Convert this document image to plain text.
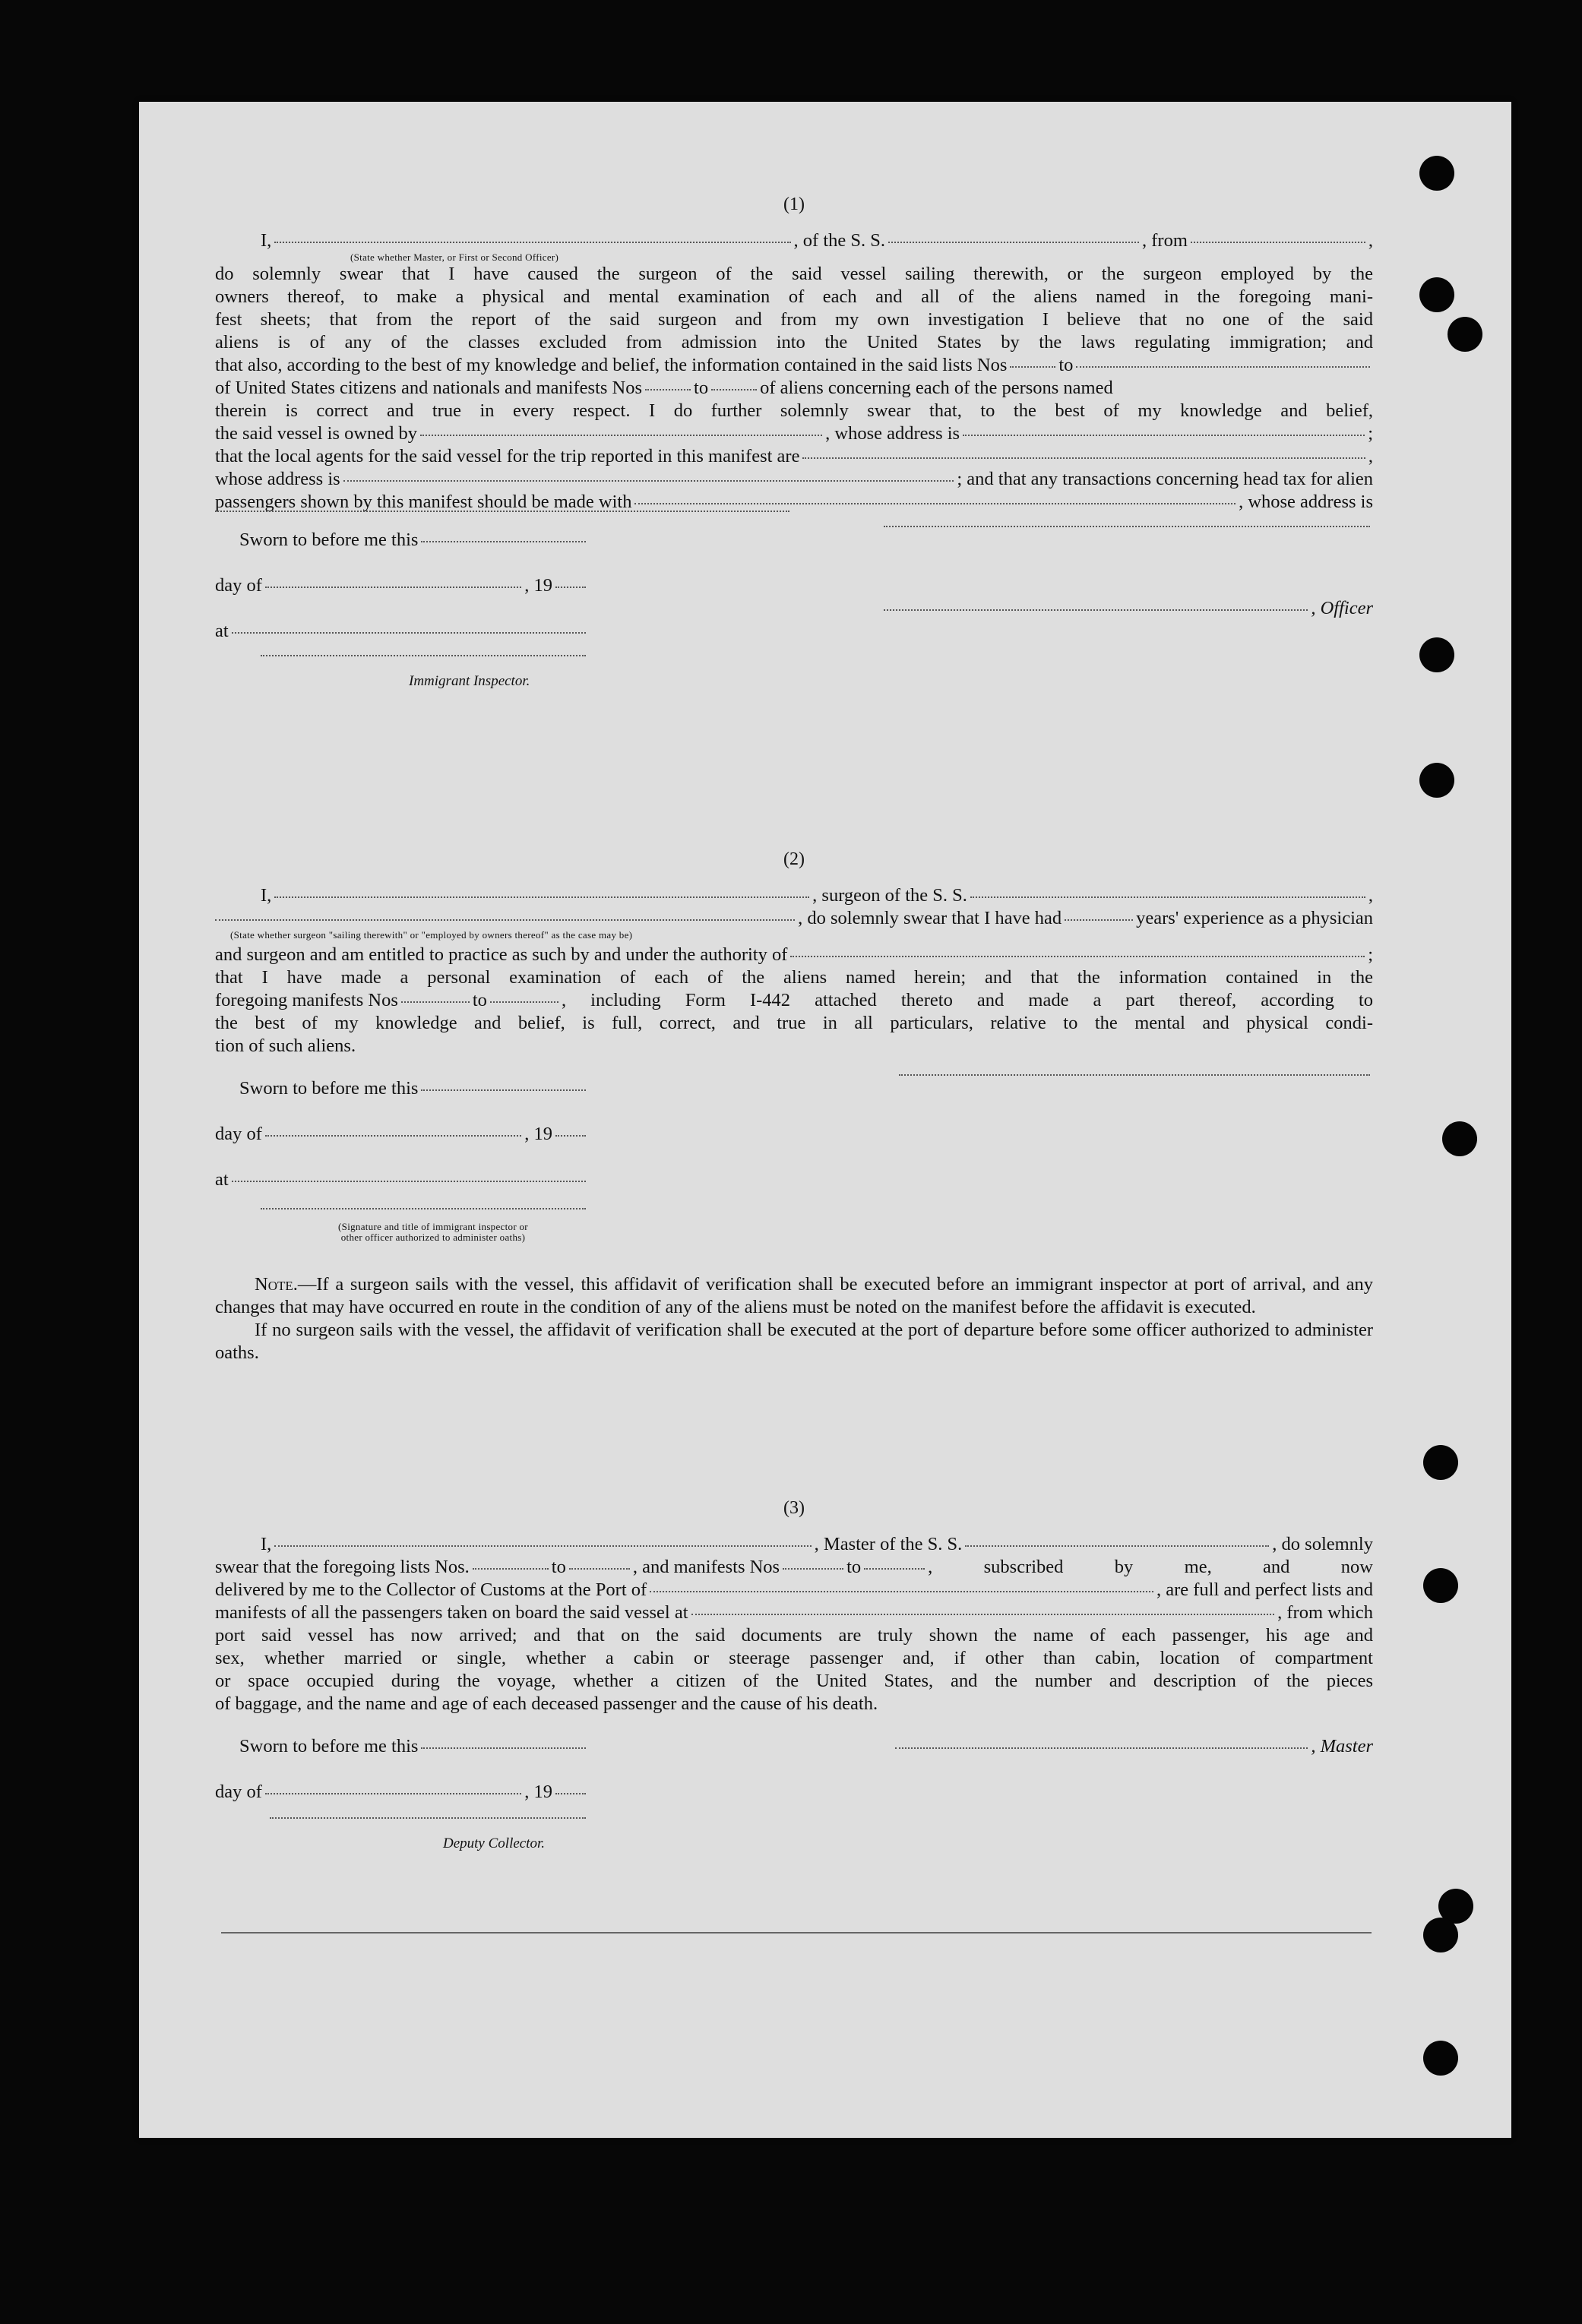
(1)
I,	, of the S. S.	, from	,
(State whether Master, or First or Second Officer)
do solemnly swear that I have caused the surgeon of the said vessel sailing therewith, or the surgeon employed by the
owners thereof, to make a physical and mental examination of each and all of the aliens named in the foregoing mani-
fest sheets; that from the report of the said surgeon and from my own investigation I believe that no one of the said
aliens is of any of the classes excluded from admission into the United States by the laws regulating immigration; and
that also, according to the best of my knowledge and belief, the information contained in the said lists Nos	to
of United States citizens and nationals and manifests Nos	to	of aliens concerning each of the persons named
therein is correct and true in every respect. I do further solemnly swear that, to the best of my knowledge and belief,
the said vessel is owned by	, whose address is	;
that the local agents for the said vessel for the trip reported in this manifest are	,
whose address is	; and that any transactions concerning head tax for alien
passengers shown by this manifest should be made with	, whose address is
Sworn to before me this
day of	, 19
at
Immigrant Inspector.
, Officer
(2)
I,	, surgeon of the S. S.	,
, do solemnly swear that I have had	years' experience as a physician
(State whether surgeon "sailing therewith" or "employed by owners thereof" as the case may be)
and surgeon and am entitled to practice as such by and under the authority of	;
that I have made a personal examination of each of the aliens named herein; and that the information contained in the
foregoing manifests Nos	to	, including Form I-442 attached thereto and made a part thereof, according to
the best of my knowledge and belief, is full, correct, and true in all particulars, relative to the mental and physical condi-
tion of such aliens.
Sworn to before me this
day of	, 19
at
(Signature and title of immigrant inspector or
other officer authorized to administer oaths)

Note.—If a surgeon sails with the vessel, this affidavit of verification shall be executed before an immigrant inspector at port of arrival, and any changes that may have occurred en route in the condition of any of the aliens must be noted on the manifest before the affidavit is executed.

If no surgeon sails with the vessel, the affidavit of verification shall be executed at the port of departure before some officer authorized to administer oaths.

(3)
I,	, Master of the S. S.	, do solemnly
swear that the foregoing lists Nos.	to	, and manifests Nos	to	, subscribed by me, and now
delivered by me to the Collector of Customs at the Port of	, are full and perfect lists and
manifests of all the passengers taken on board the said vessel at	, from which
port said vessel has now arrived; and that on the said documents are truly shown the name of each passenger, his age and
sex, whether married or single, whether a cabin or steerage passenger and, if other than cabin, location of compartment
or space occupied during the voyage, whether a citizen of the United States, and the number and description of the pieces
of baggage, and the name and age of each deceased passenger and the cause of his death.
Sworn to before me this
day of	, 19
Deputy Collector.
, Master
